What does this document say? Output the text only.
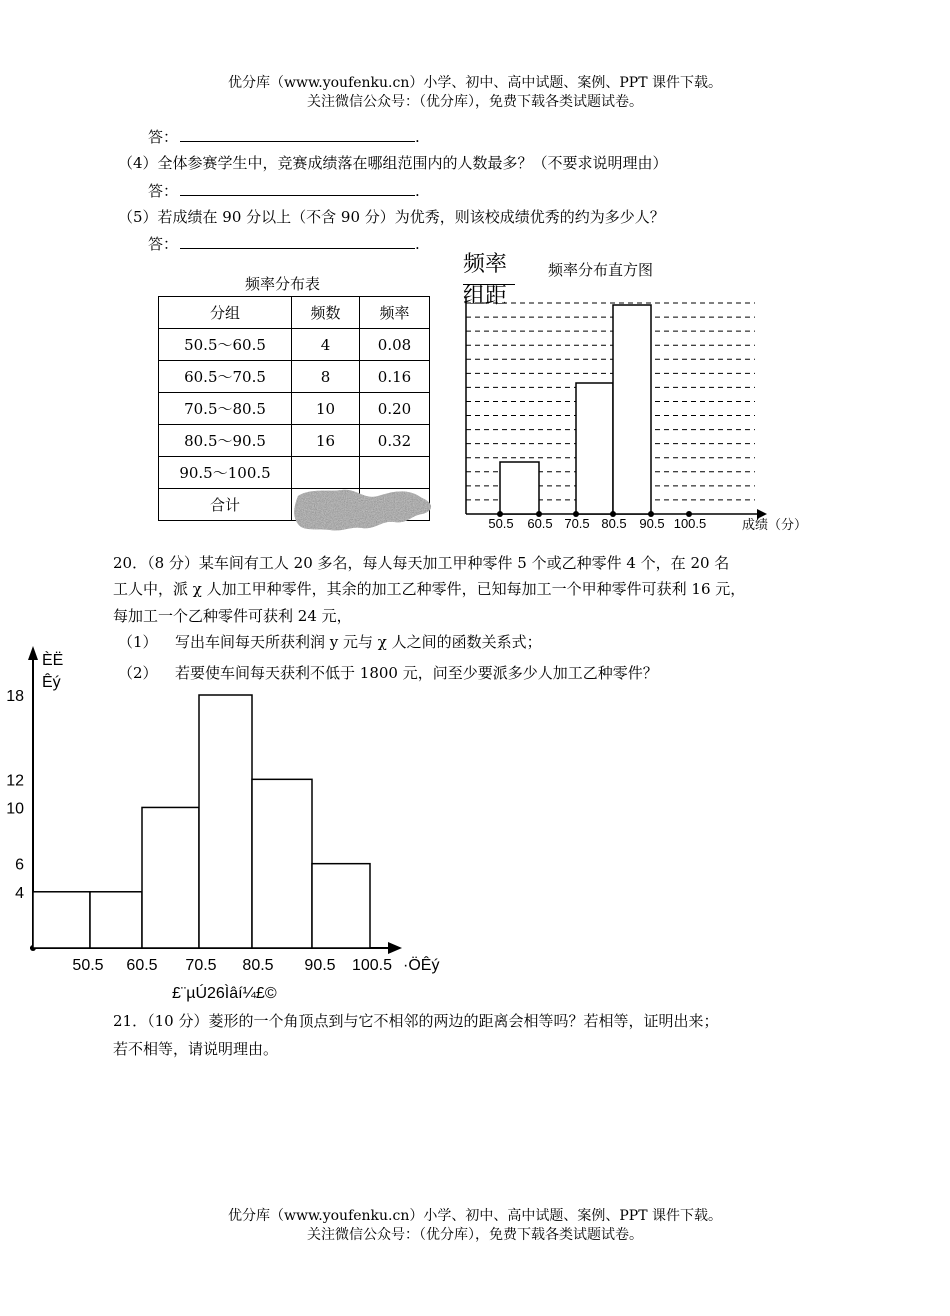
优分库（www.youfenku.cn）小学、初中、高中试题、案例、PPT 课件下载。
关注微信公众号：（优分库），免费下载各类试题试卷。
答：	.
（4）全体参赛学生中，竞赛成绩落在哪组范围内的人数最多？（不要求说明理由）
答：	.
（5）若成绩在 90 分以上（不含 90 分）为优秀，则该校成绩优秀的约为多少人？
答：	.
频率分布表
分组	频数	频率
50.5～60.5	4	0.08
60.5～70.5	8	0.16
70.5～80.5	10	0.20
80.5～90.5	16	0.32
90.5～100.5		
合计		
频率
组距
频率分布直方图
50.5 60.5 70.5 80.5 90.5 100.5	成绩（分）
20．（8 分）某车间有工人 20 多名，每人每天加工甲种零件 5 个或乙种零件 4 个，在 20 名
工人中，派 χ 人加工甲种零件，其余的加工乙种零件，已知每加工一个甲种零件可获利 16 元，
每加工一个乙种零件可获利 24 元，
（1） 写出车间每天所获利润 y 元与 χ 人之间的函数关系式；
（2） 若要使车间每天获利不低于 1800 元，问至少要派多少人加工乙种零件？
4
6
10
12
18
50.5 60.5 70.5 80.5 90.5 100.5
ÈË
Êý
·ÖÊý
£¨µÚ26Ìâí¼£©
21．（10 分）菱形的一个角顶点到与它不相邻的两边的距离会相等吗？若相等，证明出来；
若不相等，请说明理由。
优分库（www.youfenku.cn）小学、初中、高中试题、案例、PPT 课件下载。
关注微信公众号：（优分库），免费下载各类试题试卷。
